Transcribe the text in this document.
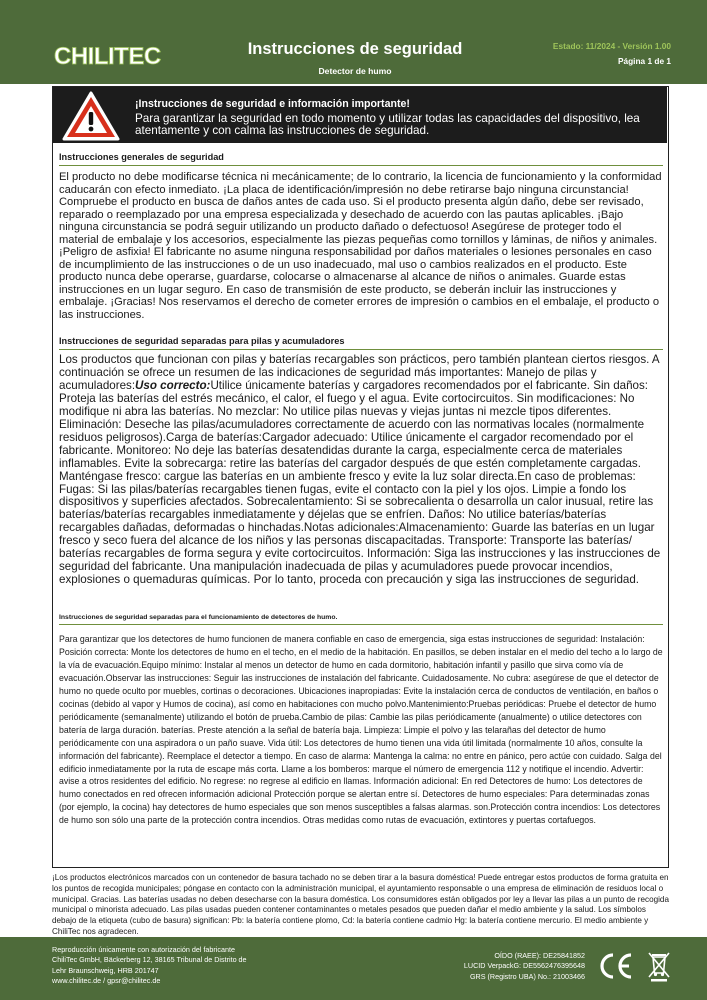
CHILITEC	Instrucciones de seguridad
Detector de humo
Estado: 11/2024 - Versión 1.00
Página 1 de 1
¡Instrucciones de seguridad e información importante!
Para garantizar la seguridad en todo momento y utilizar todas las capacidades del dispositivo, lea atentamente y con calma las instrucciones de seguridad.
Instrucciones generales de seguridad
El producto no debe modificarse técnica ni mecánicamente; de lo contrario, la licencia de funcionamiento y la conformidad caducarán con efecto inmediato. ¡La placa de identificación/impresión no debe retirarse bajo ninguna circunstancia! Compruebe el producto en busca de daños antes de cada uso. Si el producto presenta algún daño, debe ser revisado, reparado o reemplazado por una empresa especializada y desechado de acuerdo con las pautas aplicables. ¡Bajo ninguna circunstancia se podrá seguir utilizando un producto dañado o defectuoso! Asegúrese de proteger todo el material de embalaje y los accesorios, especialmente las piezas pequeñas como tornillos y láminas, de niños y animales. ¡Peligro de asfixia! El fabricante no asume ninguna responsabilidad por daños materiales o lesiones personales en caso de incumplimiento de las instrucciones o de un uso inadecuado, mal uso o cambios realizados en el producto. Este producto nunca debe operarse, guardarse, colocarse o almacenarse al alcance de niños o animales. Guarde estas instrucciones en un lugar seguro. En caso de transmisión de este producto, se deberán incluir las instrucciones y embalaje. ¡Gracias! Nos reservamos el derecho de cometer errores de impresión o cambios en el embalaje, el producto o las instrucciones.
Instrucciones de seguridad separadas para pilas y acumuladores
Los productos que funcionan con pilas y baterías recargables son prácticos, pero también plantean ciertos riesgos. A continuación se ofrece un resumen de las indicaciones de seguridad más importantes: Manejo de pilas y acumuladores:Uso correcto:Utilice únicamente baterías y cargadores recomendados por el fabricante. Sin daños: Proteja las baterías del estrés mecánico, el calor, el fuego y el agua. Evite cortocircuitos. Sin modificaciones: No modifique ni abra las baterías. No mezclar: No utilice pilas nuevas y viejas juntas ni mezcle tipos diferentes. Eliminación: Deseche las pilas/acumuladores correctamente de acuerdo con las normativas locales (normalmente residuos peligrosos).Carga de baterías:Cargador adecuado: Utilice únicamente el cargador recomendado por el fabricante. Monitoreo: No deje las baterías desatendidas durante la carga, especialmente cerca de materiales inflamables. Evite la sobrecarga: retire las baterías del cargador después de que estén completamente cargadas. Manténgase fresco: cargue las baterías en un ambiente fresco y evite la luz solar directa.En caso de problemas: Fugas: Si las pilas/baterías recargables tienen fugas, evite el contacto con la piel y los ojos. Limpie a fondo los dispositivos y superficies afectados. Sobrecalentamiento: Si se sobrecalienta o desarrolla un calor inusual, retire las baterías/baterías recargables inmediatamente y déjelas que se enfríen. Daños: No utilice baterías/baterías recargables dañadas, deformadas o hinchadas.Notas adicionales:Almacenamiento: Guarde las baterías en un lugar fresco y seco fuera del alcance de los niños y las personas discapacitadas. Transporte: Transporte las baterías/ baterías recargables de forma segura y evite cortocircuitos. Información: Siga las instrucciones y las instrucciones de seguridad del fabricante. Una manipulación inadecuada de pilas y acumuladores puede provocar incendios, explosiones o quemaduras químicas. Por lo tanto, proceda con precaución y siga las instrucciones de seguridad.
Instrucciones de seguridad separadas para el funcionamiento de detectores de humo.
Para garantizar que los detectores de humo funcionen de manera confiable en caso de emergencia, siga estas instrucciones de seguridad: Instalación: Posición correcta: Monte los detectores de humo en el techo, en el medio de la habitación. En pasillos, se deben instalar en el medio del techo a lo largo de la vía de evacuación.Equipo mínimo: Instalar al menos un detector de humo en cada dormitorio, habitación infantil y pasillo que sirva como vía de evacuación.Observar las instrucciones: Seguir las instrucciones de instalación del fabricante. Cuidadosamente. No cubra: asegúrese de que el detector de humo no quede oculto por muebles, cortinas o decoraciones. Ubicaciones inapropiadas: Evite la instalación cerca de conductos de ventilación, en baños o cocinas (debido al vapor y Humos de cocina), así como en habitaciones con mucho polvo.Mantenimiento:Pruebas periódicas: Pruebe el detector de humo periódicamente (semanalmente) utilizando el botón de prueba.Cambio de pilas: Cambie las pilas periódicamente (anualmente) o utilice detectores con batería de larga duración. baterías. Preste atención a la señal de batería baja. Limpieza: Limpie el polvo y las telarañas del detector de humo periódicamente con una aspiradora o un paño suave. Vida útil: Los detectores de humo tienen una vida útil limitada (normalmente 10 años, consulte la información del fabricante). Reemplace el detector a tiempo. En caso de alarma: Mantenga la calma: no entre en pánico, pero actúe con cuidado. Salga del edificio inmediatamente por la ruta de escape más corta. Llame a los bomberos: marque el número de emergencia 112 y notifique el incendio. Advertir: avise a otros residentes del edificio. No regrese: no regrese al edificio en llamas. Información adicional: En red Detectores de humo: Los detectores de humo conectados en red ofrecen información adicional Protección porque se alertan entre sí. Detectores de humo especiales: Para determinadas zonas (por ejemplo, la cocina) hay detectores de humo especiales que son menos susceptibles a falsas alarmas. son.Protección contra incendios: Los detectores de humo son sólo una parte de la protección contra incendios. Otras medidas como rutas de evacuación, extintores y puertas cortafuegos.
¡Los productos electrónicos marcados con un contenedor de basura tachado no se deben tirar a la basura doméstica! Puede entregar estos productos de forma gratuita en los puntos de recogida municipales; póngase en contacto con la administración municipal, el ayuntamiento responsable o una empresa de eliminación de residuos local o municipal. Gracias. Las baterías usadas no deben desecharse con la basura doméstica. Los consumidores están obligados por ley a llevar las pilas a un punto de recogida municipal o minorista adecuado. Las pilas usadas pueden contener contaminantes o metales pesados que pueden dañar el medio ambiente y la salud. Los símbolos debajo de la etiqueta (cubo de basura) significan: Pb: la batería contiene plomo, Cd: la batería contiene cadmio Hg: la batería contiene mercurio. El medio ambiente y ChiliTec nos agradecen.
Reproducción únicamente con autorización del fabricante
ChiliTec GmbH, Bäckerberg 12, 38165 Tribunal de Distrito de
Lehr Braunschweig, HRB 201747
www.chilitec.de / gpsr@chilitec.de
OÍDO (RAEE): DE25841852
LUCID VerpackG: DE5562476395648
GRS (Registro UBA) No.: 21003466
